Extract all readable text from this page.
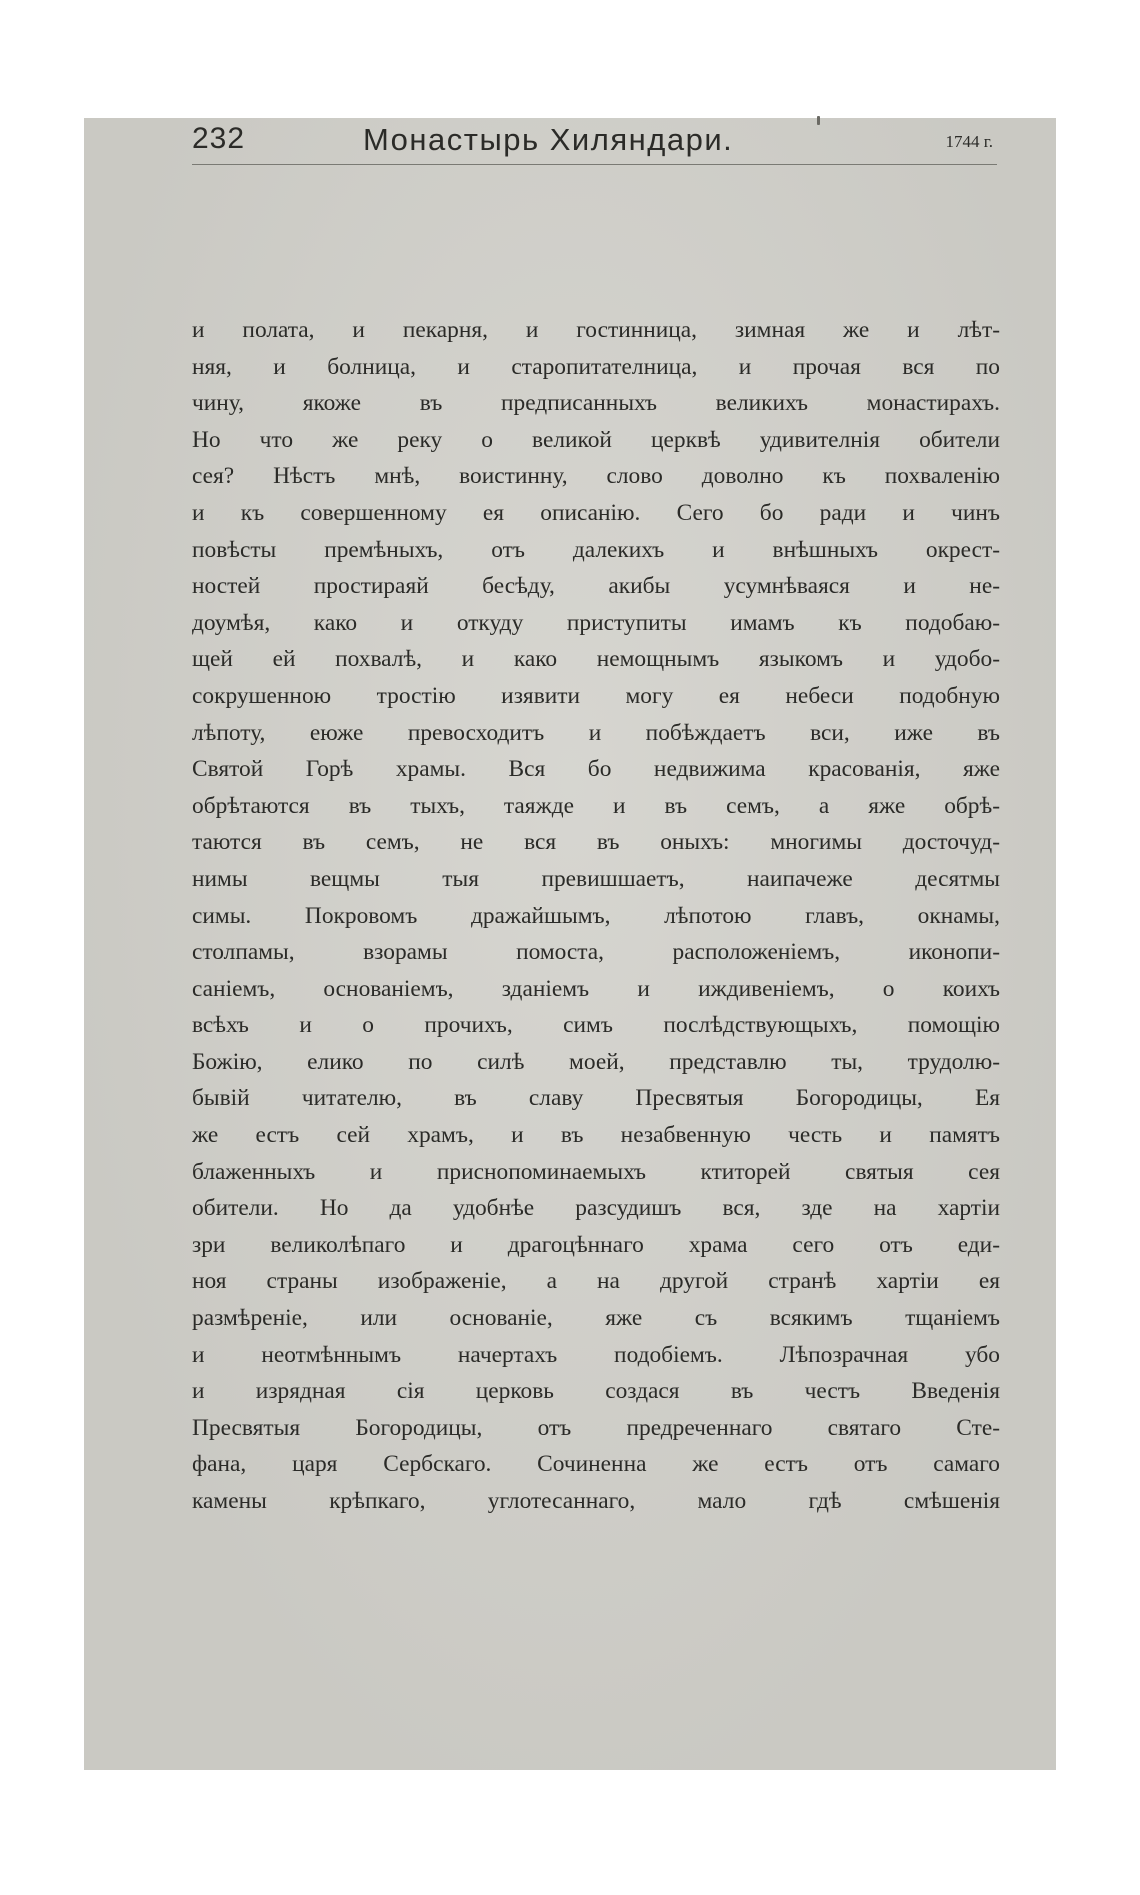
232	Монастырь Хиляндари.	1744 г.
и полата, и пекарня, и гостинница, зимная же и лѣт-
няя, и болница, и старопитателница, и прочая вся по
чину, якоже въ предписанныхъ великихъ монастирахъ.
Но что же реку о великой церквѣ удивителнія обители
сея? Нѣстъ мнѣ, воистинну, слово доволно къ похваленію
и къ совершенному ея описанію. Сего бо ради и чинъ
повѣсты премѣныхъ, отъ далекихъ и внѣшныхъ окрест-
ностей простираяй бесѣду, акибы усумнѣваяся и не-
доумѣя, како и откуду приступиты имамъ къ подобаю-
щей ей похвалѣ, и како немощнымъ языкомъ и удобо-
сокрушенною тростію изявити могу ея небеси подобную
лѣпоту, еюже превосходитъ и побѣждаетъ вси, иже въ
Святой Горѣ храмы. Вся бо недвижима красованія, яже
обрѣтаются въ тыхъ, таяжде и въ семъ, а яже обрѣ-
таются въ семъ, не вся въ оныхъ: многимы досточуд-
нимы вещмы тыя превишшаетъ, наипачеже десятмы
симы. Покровомъ дражайшымъ, лѣпотою главъ, окнамы,
столпамы, взорамы помоста, расположеніемъ, иконопи-
саніемъ, основаніемъ, зданіемъ и иждивеніемъ, о коихъ
всѣхъ и о прочихъ, симъ послѣдствующыхъ, помощію
Божію, елико по силѣ моей, представлю ты, трудолю-
бывій читателю, въ славу Пресвятыя Богородицы, Ея
же естъ сей храмъ, и въ незабвенную честь и памятъ
блаженныхъ и приснопоминаемыхъ ктиторей святыя сея
обители. Но да удобнѣе разсудишъ вся, зде на хартіи
зри великолѣпаго и драгоцѣннаго храма сего отъ еди-
ноя страны изображеніе, а на другой странѣ хартіи ея
размѣреніе, или основаніе, яже съ всякимъ тщаніемъ
и неотмѣннымъ начертахъ подобіемъ. Лѣпозрачная убо
и изрядная сія церковь создася въ честъ Введенія
Пресвятыя Богородицы, отъ предреченнаго святаго Сте-
фана, царя Сербскаго. Сочиненна же естъ отъ самаго
камены крѣпкаго, углотесаннаго, мало гдѣ смѣшенія
